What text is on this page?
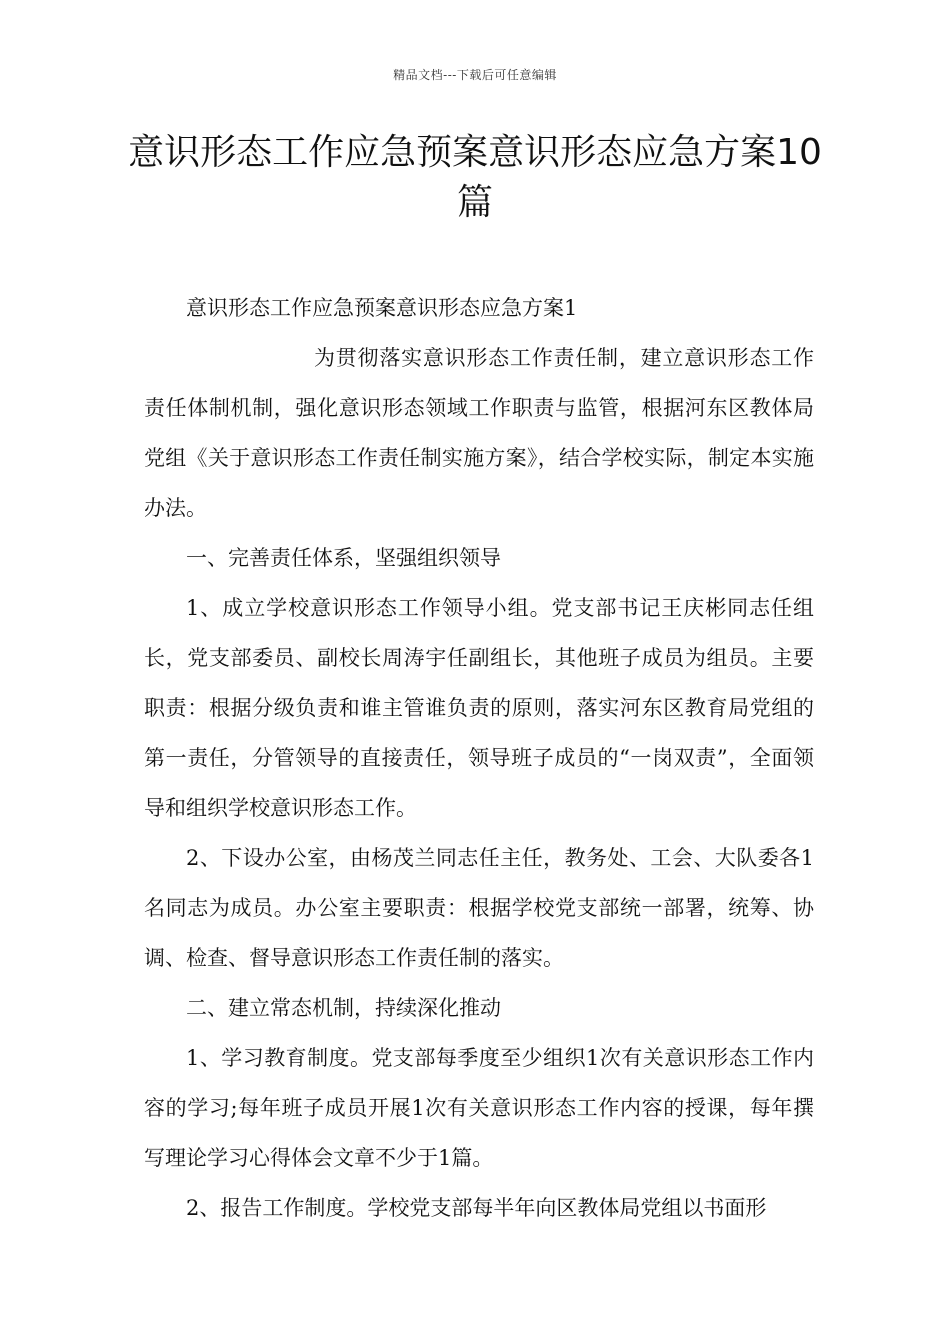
精品文档---下载后可任意编辑
意识形态工作应急预案意识形态应急方案10篇

意识形态工作应急预案意识形态应急方案1

为贯彻落实意识形态工作责任制，建立意识形态工作责任体制机制，强化意识形态领域工作职责与监管，根据河东区教体局党组《关于意识形态工作责任制实施方案》，结合学校实际，制定本实施办法。

一、完善责任体系，坚强组织领导

1、成立学校意识形态工作领导小组。党支部书记王庆彬同志任组长，党支部委员、副校长周涛宇任副组长，其他班子成员为组员。主要职责：根据分级负责和谁主管谁负责的原则，落实河东区教育局党组的第一责任，分管领导的直接责任，领导班子成员的“一岗双责”，全面领导和组织学校意识形态工作。

2、下设办公室，由杨茂兰同志任主任，教务处、工会、大队委各1名同志为成员。办公室主要职责：根据学校党支部统一部署，统筹、协调、检查、督导意识形态工作责任制的落实。

二、建立常态机制，持续深化推动

1、学习教育制度。党支部每季度至少组织1次有关意识形态工作内容的学习;每年班子成员开展1次有关意识形态工作内容的授课，每年撰写理论学习心得体会文章不少于1篇。

2、报告工作制度。学校党支部每半年向区教体局党组以书面形
